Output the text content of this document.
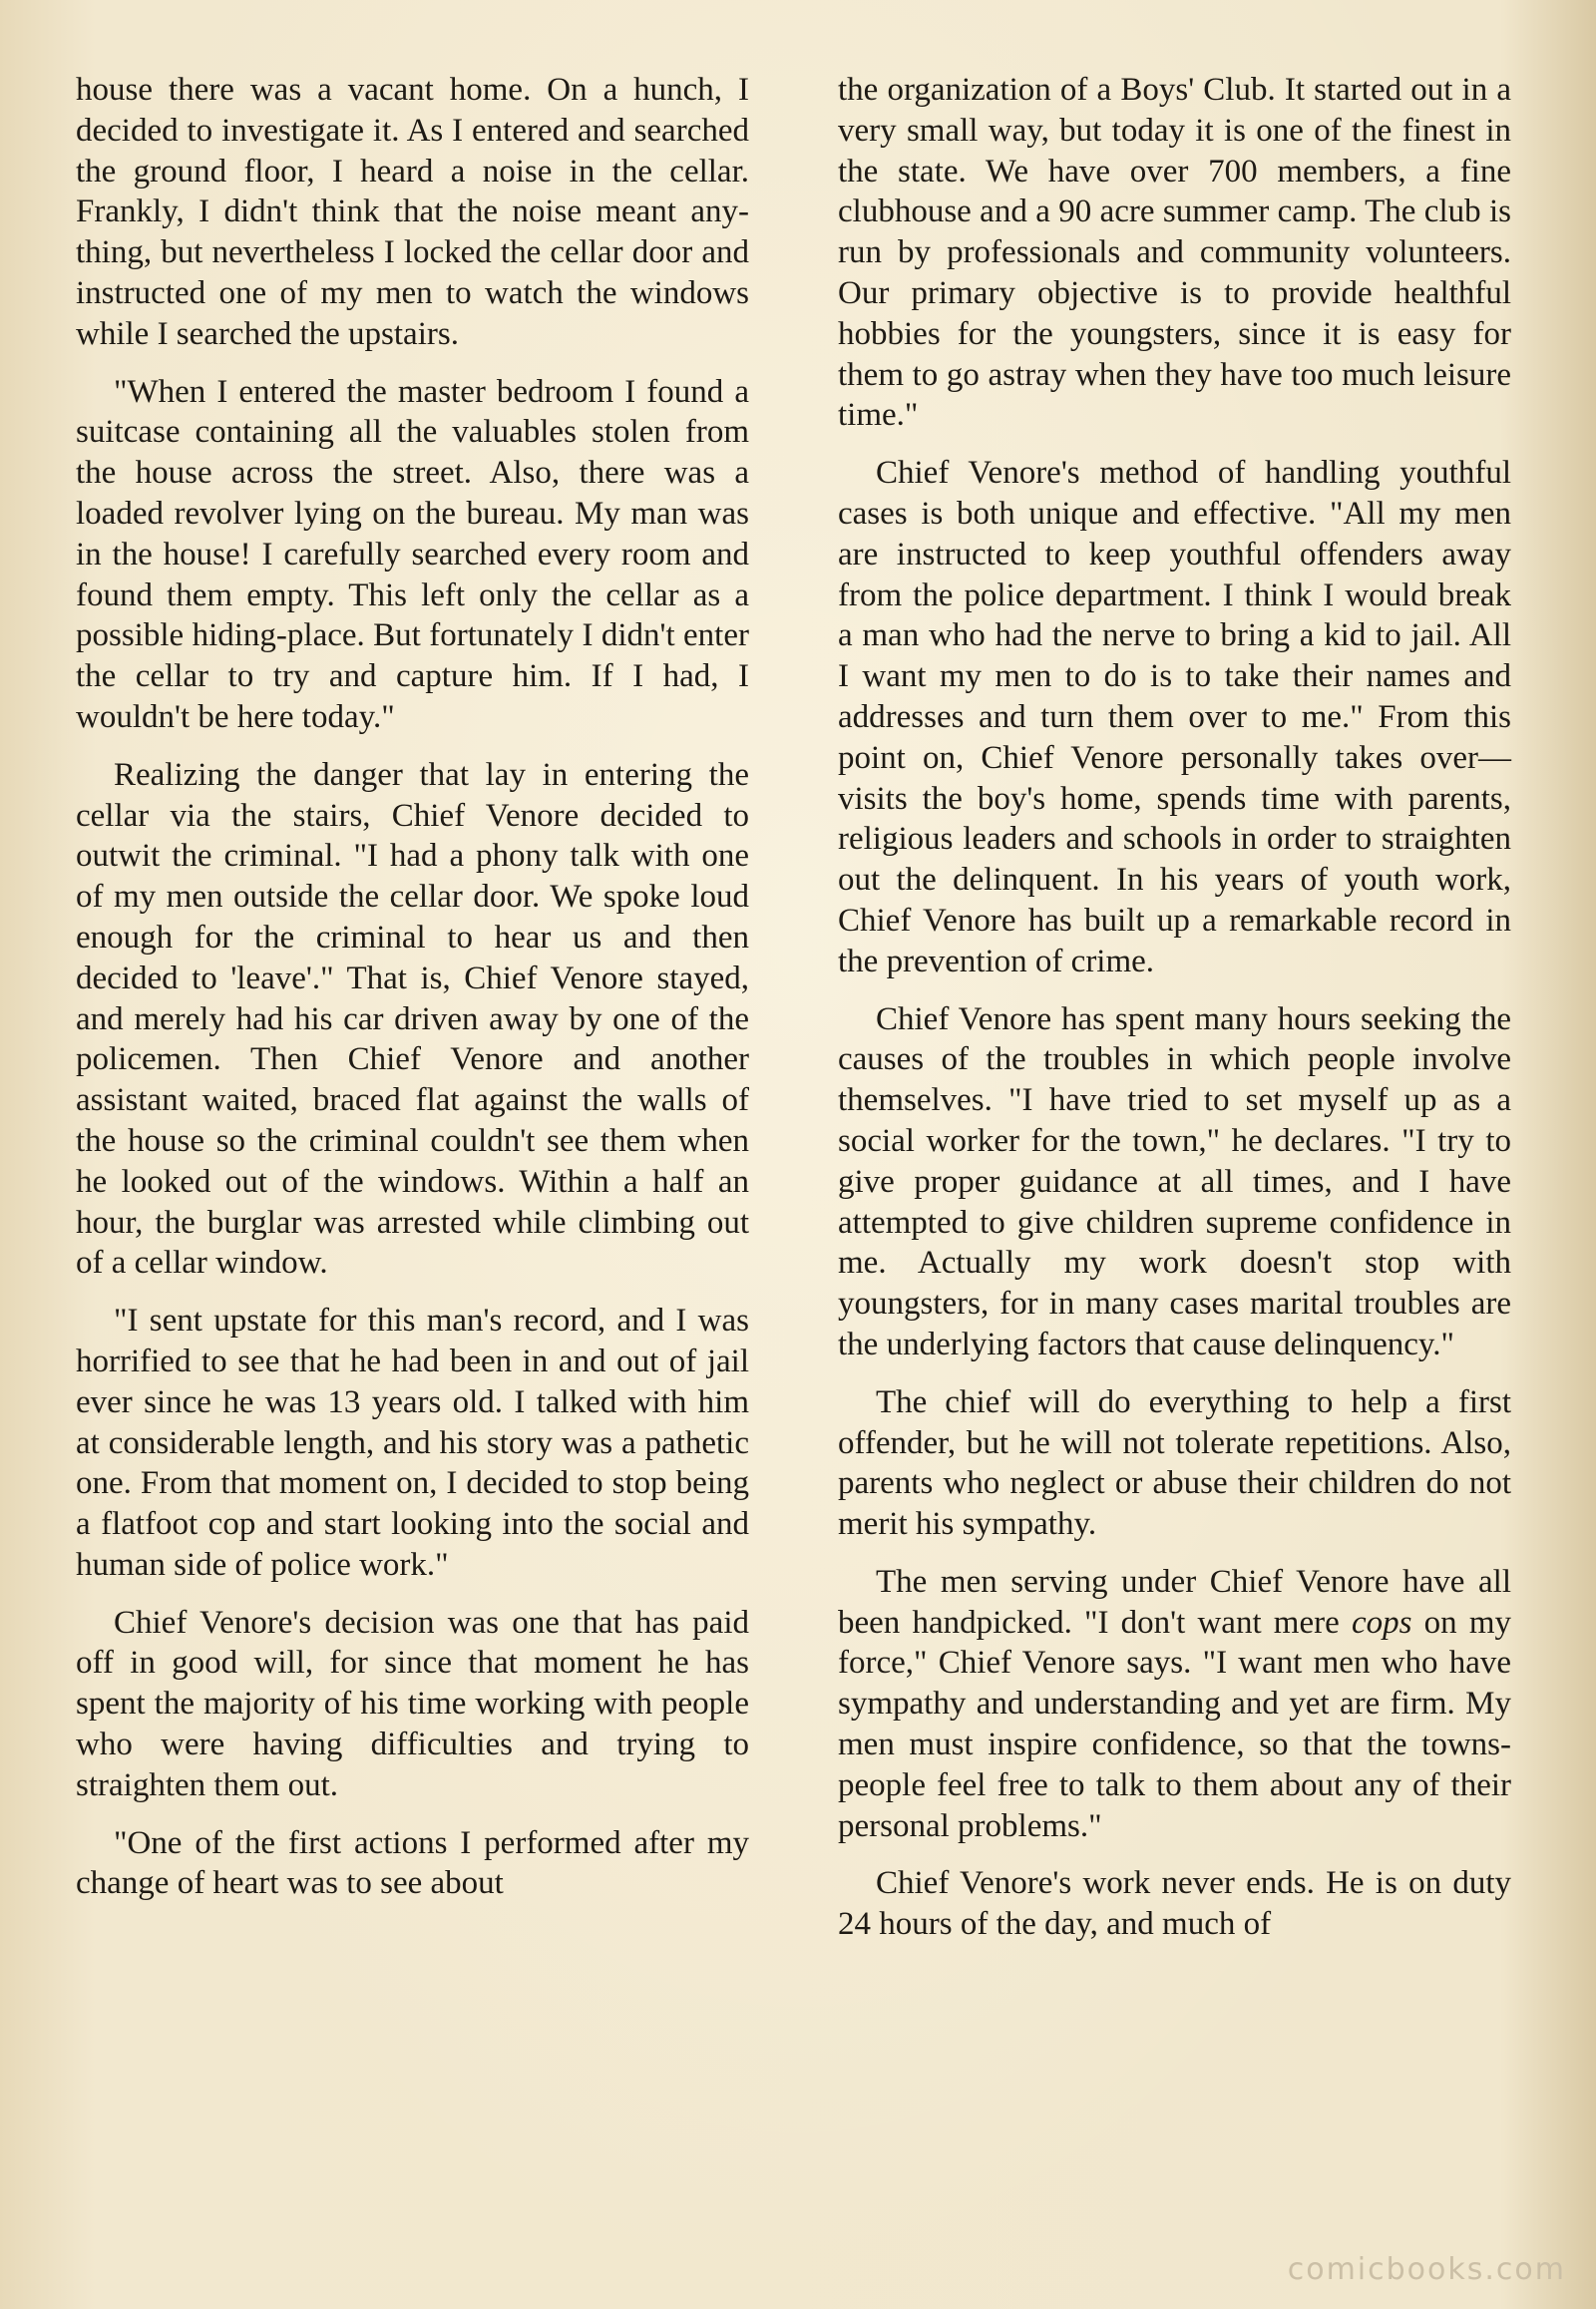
house there was a vacant home. On a hunch, I decided to investigate it. As I entered and searched the ground floor, I heard a noise in the cellar. Frankly, I didn't think that the noise meant anything, but nevertheless I locked the cellar door and instructed one of my men to watch the windows while I searched the upstairs.

"When I entered the master bedroom I found a suitcase containing all the valuables stolen from the house across the street. Also, there was a loaded revolver lying on the bureau. My man was in the house! I carefully searched every room and found them empty. This left only the cellar as a possible hiding-place. But fortunately I didn't enter the cellar to try and capture him. If I had, I wouldn't be here today."

Realizing the danger that lay in entering the cellar via the stairs, Chief Venore decided to outwit the criminal. "I had a phony talk with one of my men outside the cellar door. We spoke loud enough for the criminal to hear us and then decided to 'leave'." That is, Chief Venore stayed, and merely had his car driven away by one of the policemen. Then Chief Venore and another assistant waited, braced flat against the walls of the house so the criminal couldn't see them when he looked out of the windows. Within a half an hour, the burglar was arrested while climbing out of a cellar window.

"I sent upstate for this man's record, and I was horrified to see that he had been in and out of jail ever since he was 13 years old. I talked with him at considerable length, and his story was a pathetic one. From that moment on, I decided to stop being a flatfoot cop and start looking into the social and human side of police work."

Chief Venore's decision was one that has paid off in good will, for since that moment he has spent the majority of his time working with people who were having difficulties and trying to straighten them out.

"One of the first actions I performed after my change of heart was to see about

the organization of a Boys' Club. It started out in a very small way, but today it is one of the finest in the state. We have over 700 members, a fine clubhouse and a 90 acre summer camp. The club is run by professionals and community volunteers. Our primary objective is to provide healthful hobbies for the youngsters, since it is easy for them to go astray when they have too much leisure time."

Chief Venore's method of handling youthful cases is both unique and effective. "All my men are instructed to keep youthful offenders away from the police department. I think I would break a man who had the nerve to bring a kid to jail. All I want my men to do is to take their names and addresses and turn them over to me." From this point on, Chief Venore personally takes over—visits the boy's home, spends time with parents, religious leaders and schools in order to straighten out the delinquent. In his years of youth work, Chief Venore has built up a remarkable record in the prevention of crime.

Chief Venore has spent many hours seeking the causes of the troubles in which people involve themselves. "I have tried to set myself up as a social worker for the town," he declares. "I try to give proper guidance at all times, and I have attempted to give children supreme confidence in me. Actually my work doesn't stop with youngsters, for in many cases marital troubles are the underlying factors that cause delinquency."

The chief will do everything to help a first offender, but he will not tolerate repetitions. Also, parents who neglect or abuse their children do not merit his sympathy.

The men serving under Chief Venore have all been handpicked. "I don't want mere cops on my force," Chief Venore says. "I want men who have sympathy and understanding and yet are firm. My men must inspire confidence, so that the townspeople feel free to talk to them about any of their personal problems."

Chief Venore's work never ends. He is on duty 24 hours of the day, and much of

comicbooks.com
